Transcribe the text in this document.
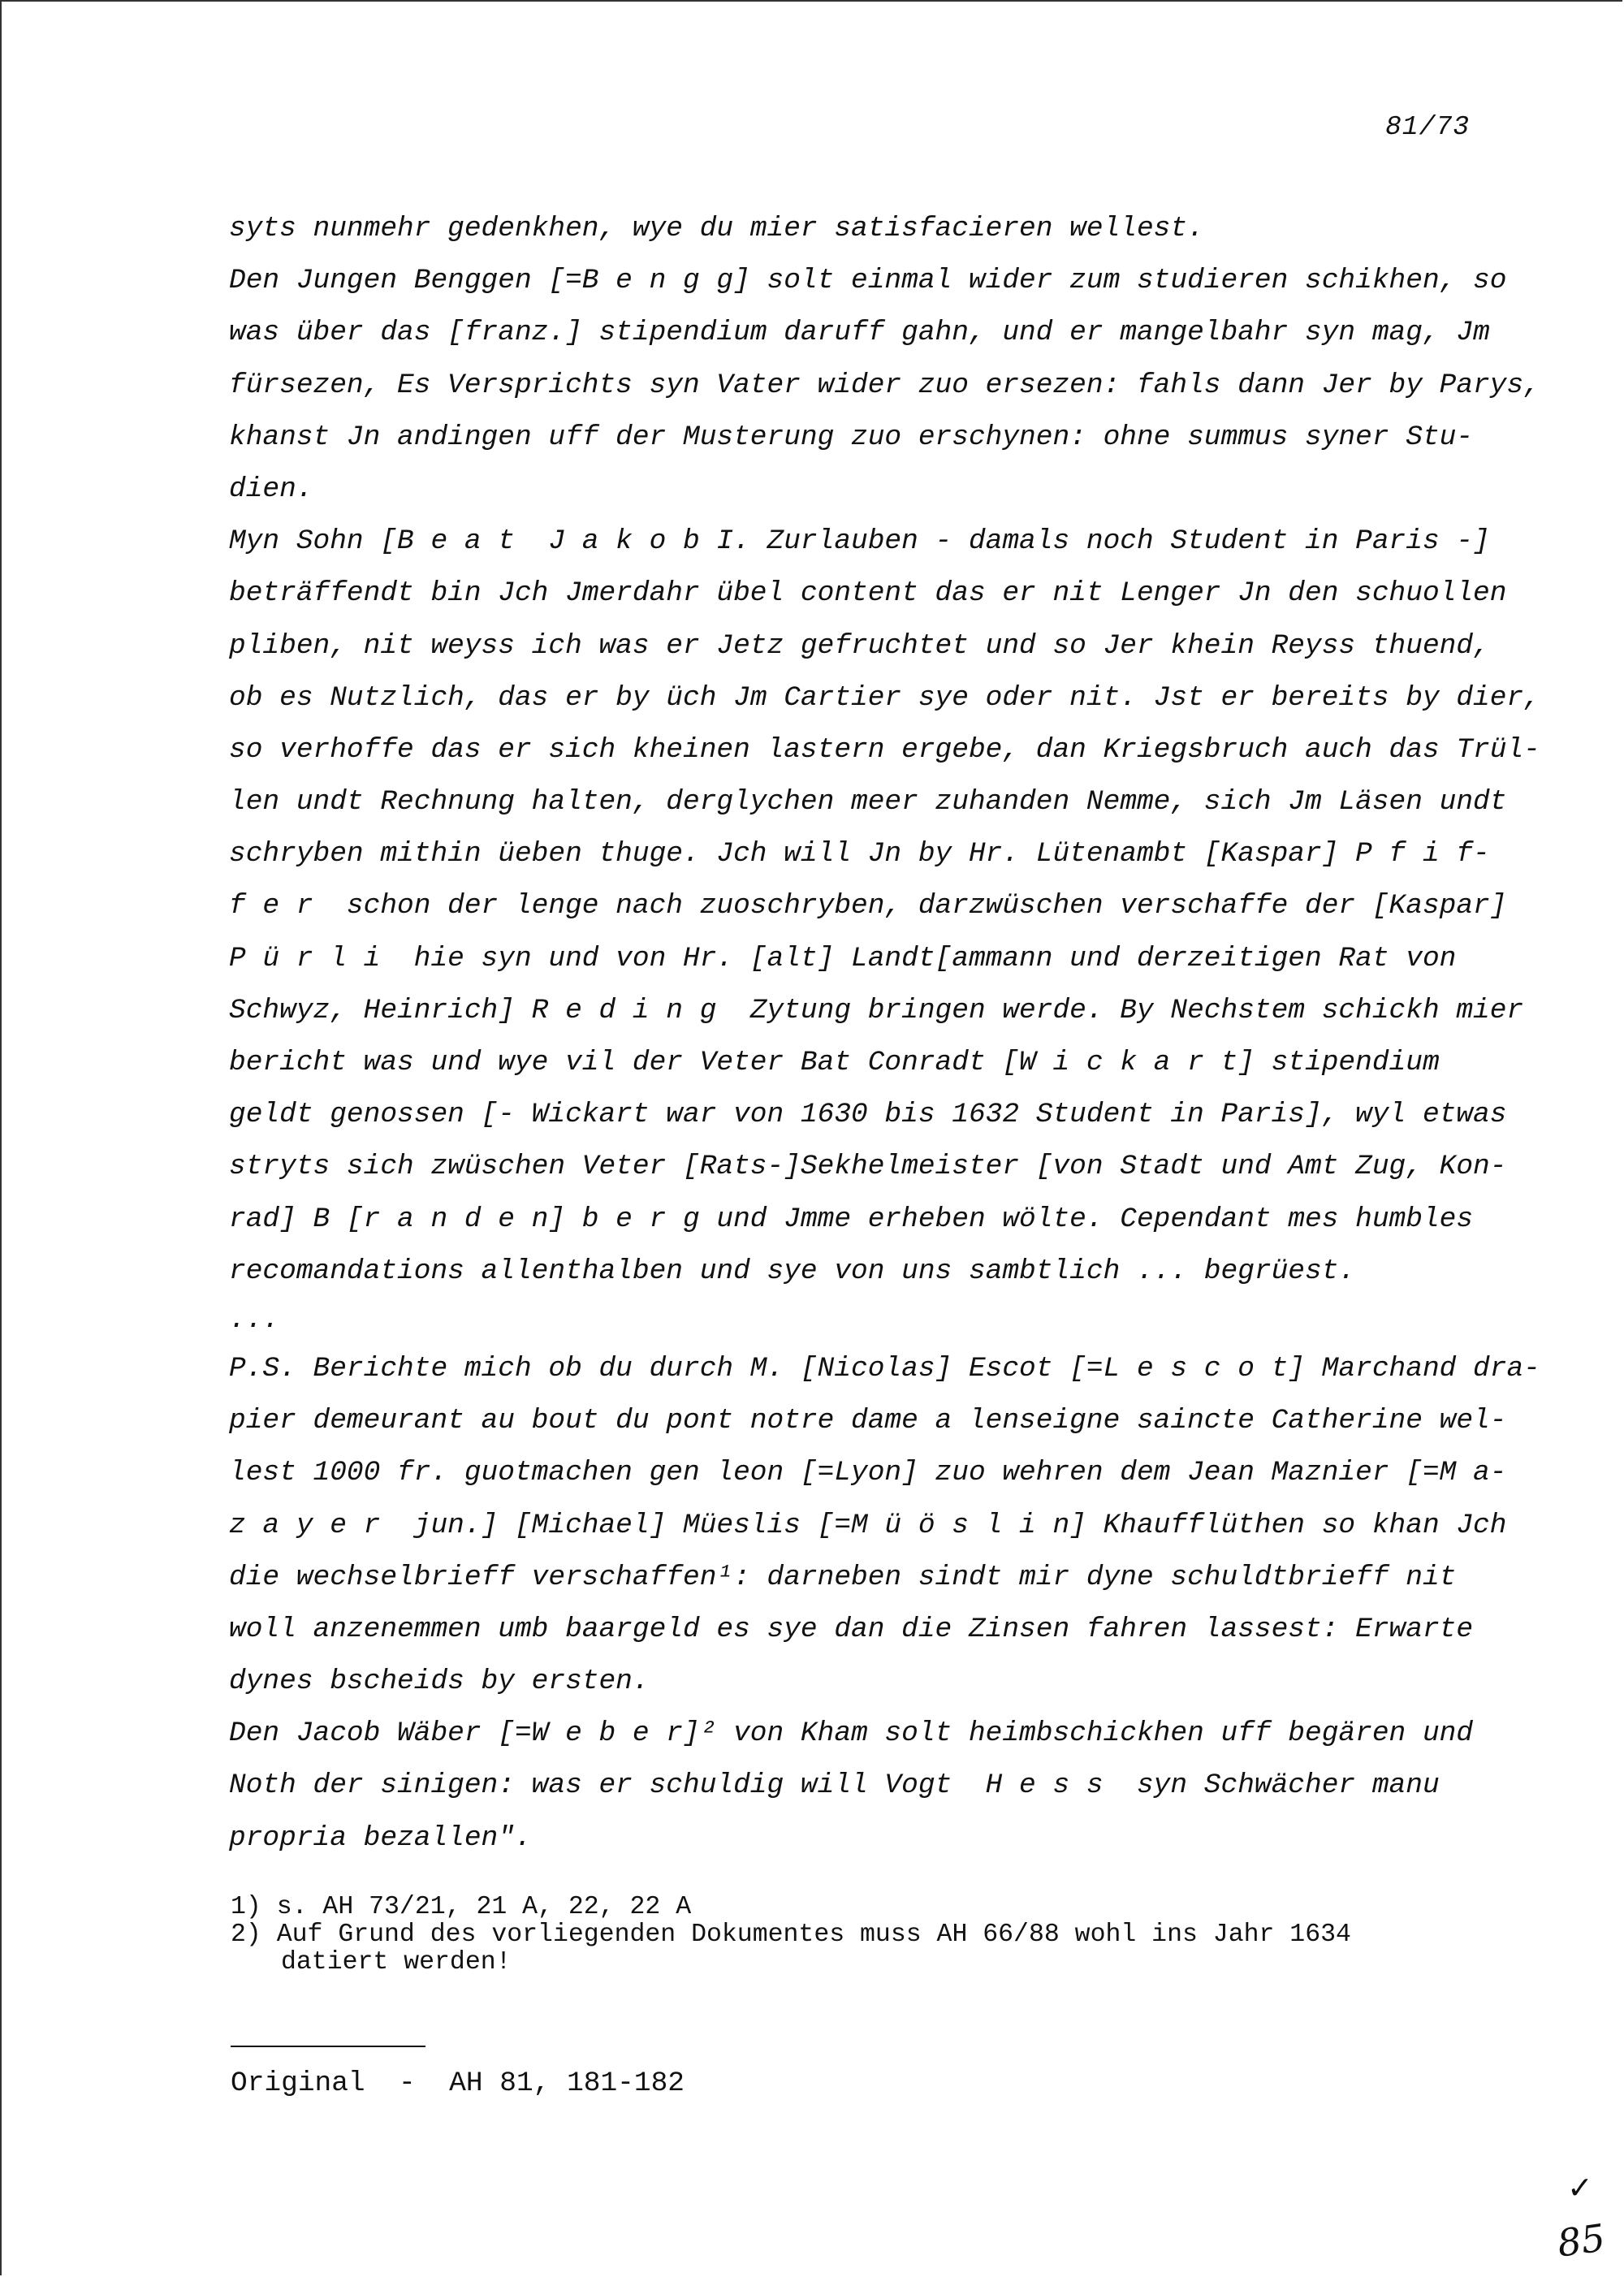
81/73
syts nunmehr gedenkhen, wye du mier satisfacieren wellest.
Den Jungen Benggen [=B e n g g] solt einmal wider zum studieren schikhen, so
was über das [franz.] stipendium daruff gahn, und er mangelbahr syn mag, Jm
fürsezen, Es Versprichts syn Vater wider zuo ersezen: fahls dann Jer by Parys,
khanst Jn andingen uff der Musterung zuo erschynen: ohne summus syner Stu-
dien.
Myn Sohn [B e a t  J a k o b I. Zurlauben - damals noch Student in Paris -]
beträffendt bin Jch Jmerdahr übel content das er nit Lenger Jn den schuollen
pliben, nit weyss ich was er Jetz gefruchtet und so Jer khein Reyss thuend,
ob es Nutzlich, das er by üch Jm Cartier sye oder nit. Jst er bereits by dier,
so verhoffe das er sich kheinen lastern ergebe, dan Kriegsbruch auch das Trül-
len undt Rechnung halten, derglychen meer zuhanden Nemme, sich Jm Läsen undt
schryben mithin üeben thuge. Jch will Jn by Hr. Lütenambt [Kaspar] P f i f-
f e r  schon der lenge nach zuoschryben, darzwüschen verschaffe der [Kaspar]
P ü r l i  hie syn und von Hr. [alt] Landt[ammann und derzeitigen Rat von
Schwyz, Heinrich] R e d i n g  Zytung bringen werde. By Nechstem schickh mier
bericht was und wye vil der Veter Bat Conradt [W i c k a r t] stipendium
geldt genossen [- Wickart war von 1630 bis 1632 Student in Paris], wyl etwas
stryts sich zwüschen Veter [Rats-]Sekhelmeister [von Stadt und Amt Zug, Kon-
rad] B [r a n d e n] b e r g und Jmme erheben wölte. Cependant mes humbles
recomandations allenthalben und sye von uns sambtlich ... begrüest.
...
P.S. Berichte mich ob du durch M. [Nicolas] Escot [=L e s c o t] Marchand dra-
pier demeurant au bout du pont notre dame a lenseigne saincte Catherine wel-
lest 1000 fr. guotmachen gen leon [=Lyon] zuo wehren dem Jean Maznier [=M a-
z a y e r  jun.] [Michael] Müeslis [=M ü ö s l i n] Khaufflüthen so khan Jch
die wechselbrieff verschaffen¹: darneben sindt mir dyne schuldtbrieff nit
woll anzenemmen umb baargeld es sye dan die Zinsen fahren lassest: Erwarte
dynes bscheids by ersten.
Den Jacob Wäber [=W e b e r]² von Kham solt heimbschickhen uff begären und
Noth der sinigen: was er schuldig will Vogt  H e s s  syn Schwächer manu
propria bezallen".
1) s. AH 73/21, 21 A, 22, 22 A
2) Auf Grund des vorliegenden Dokumentes muss AH 66/88 wohl ins Jahr 1634
datiert werden!
Original  -  AH 81, 181-182
✓
85
